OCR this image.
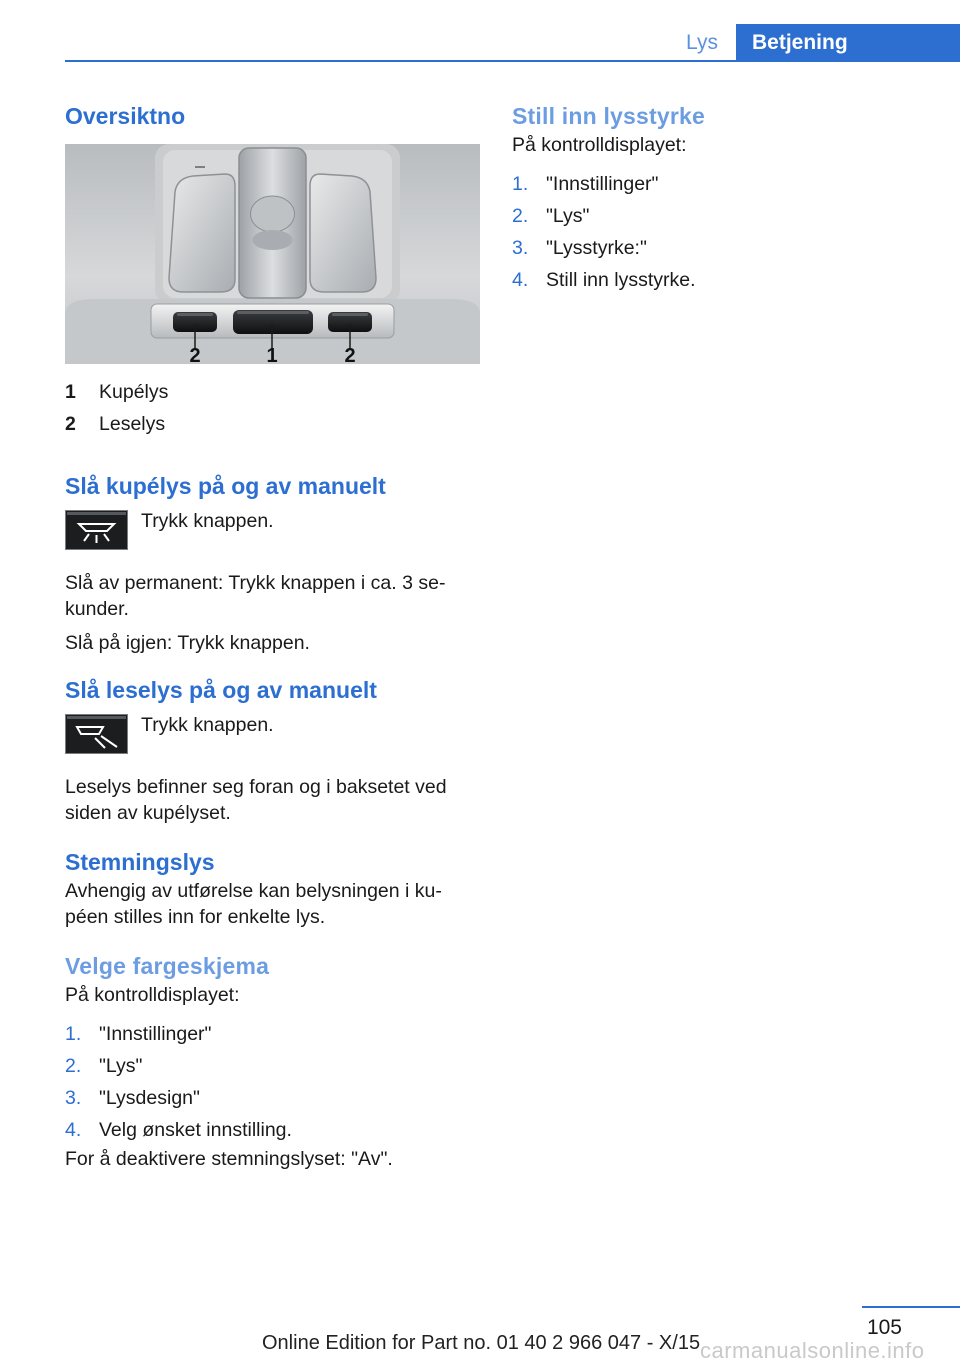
Lys	Betjening
Oversiktno
2	1	2
1	Kupélys
2	Leselys
Slå kupélys på og av manuelt
Trykk knappen.

Slå av permanent: Trykk knappen i ca. 3 se‐ kunder.

Slå på igjen: Trykk knappen.

Slå leselys på og av manuelt
Trykk knappen.

Leselys befinner seg foran og i baksetet ved siden av kupélyset.

Stemningslys

Avhengig av utførelse kan belysningen i ku‐ péen stilles inn for enkelte lys.

Velge fargeskjema

På kontrolldisplayet:

1. "Innstillinger"
2. "Lys"
3. "Lysdesign"
4. Velg ønsket innstilling.

For å deaktivere stemningslyset: "Av".

Still inn lysstyrke

På kontrolldisplayet:

1. "Innstillinger"
2. "Lys"
3. "Lysstyrke:"
4. Still inn lysstyrke.
105
carmanualsonline.info
Online Edition for Part no. 01 40 2 966 047 - X/15
